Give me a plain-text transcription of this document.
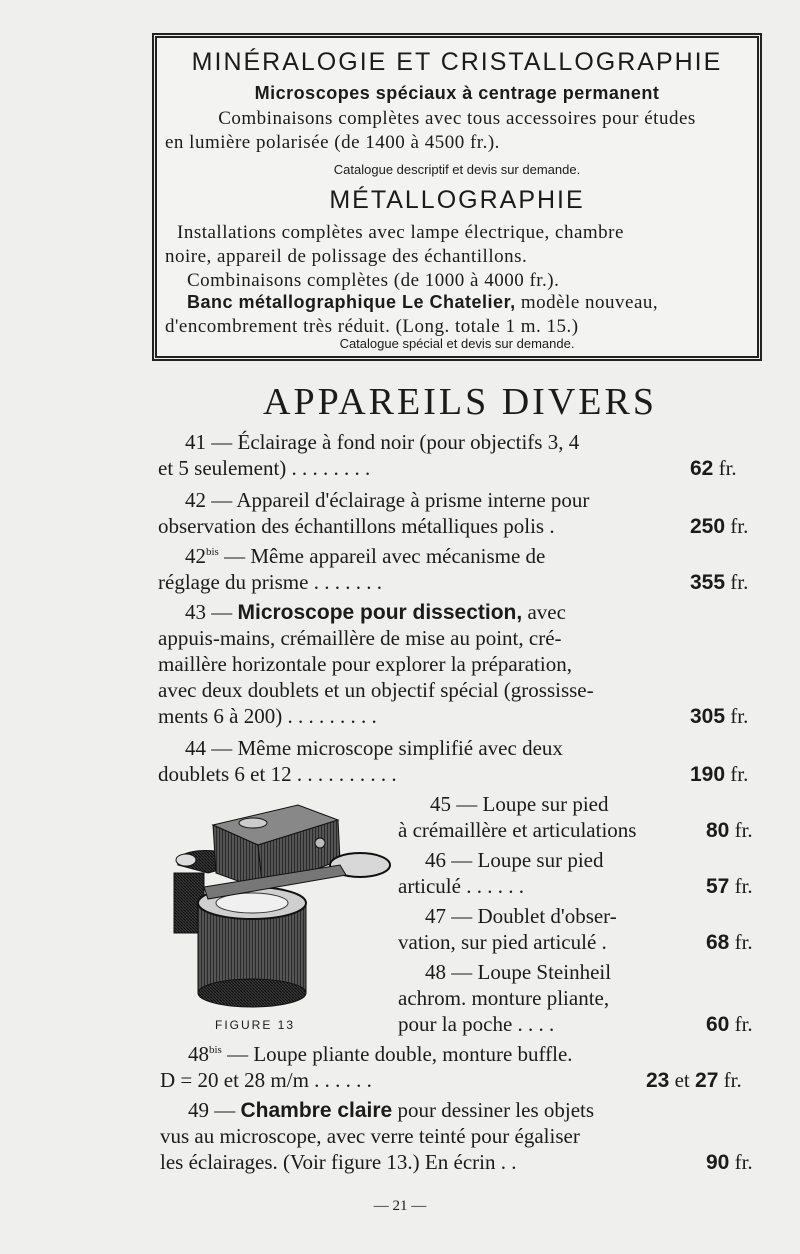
MINÉRALOGIE ET CRISTALLOGRAPHIE
Microscopes spéciaux à centrage permanent
Combinaisons complètes avec tous accessoires pour études
en lumière polarisée (de 1400 à 4500 fr.).
Catalogue descriptif et devis sur demande.
MÉTALLOGRAPHIE
Installations complètes avec lampe électrique, chambre
noire, appareil de polissage des échantillons.
Combinaisons complètes (de 1000 à 4000 fr.).
Banc métallographique Le Chatelier, modèle nouveau,
d'encombrement très réduit. (Long. totale 1 m. 15.)
Catalogue spécial et devis sur demande.
APPAREILS DIVERS
41 — Éclairage à fond noir (pour objectifs 3, 4
et 5 seulement) . . . . . . . .	62 fr.
42 — Appareil d'éclairage à prisme interne pour
observation des échantillons métalliques polis .	250 fr.
$42^{bis}$ — Même appareil avec mécanisme de
réglage du prisme . . . . . . .	355 fr.
43 — Microscope pour dissection, avec
appuis-mains, crémaillère de mise au point, cré-
maillère horizontale pour explorer la préparation,
avec deux doublets et un objectif spécial (grossisse-
ments 6 à 200) . . . . . . . . .	305 fr.
44 — Même microscope simplifié avec deux
doublets 6 et 12 . . . . . . . . . .	190 fr.
FIGURE 13
45 — Loupe sur pied
à crémaillère et articulations	80 fr.
46 — Loupe sur pied
articulé . . . . . .	57 fr.
47 — Doublet d'obser-
vation, sur pied articulé .	68 fr.
48 — Loupe Steinheil
achrom. monture pliante,
pour la poche . . . .	60 fr.
$48^{bis}$ — Loupe pliante double, monture buffle.
D = 20 et 28 m/m . . . . . .	23 et 27 fr.
49 — Chambre claire pour dessiner les objets
vus au microscope, avec verre teinté pour égaliser
les éclairages. (Voir figure 13.) En écrin . .	90 fr.
— 21 —
